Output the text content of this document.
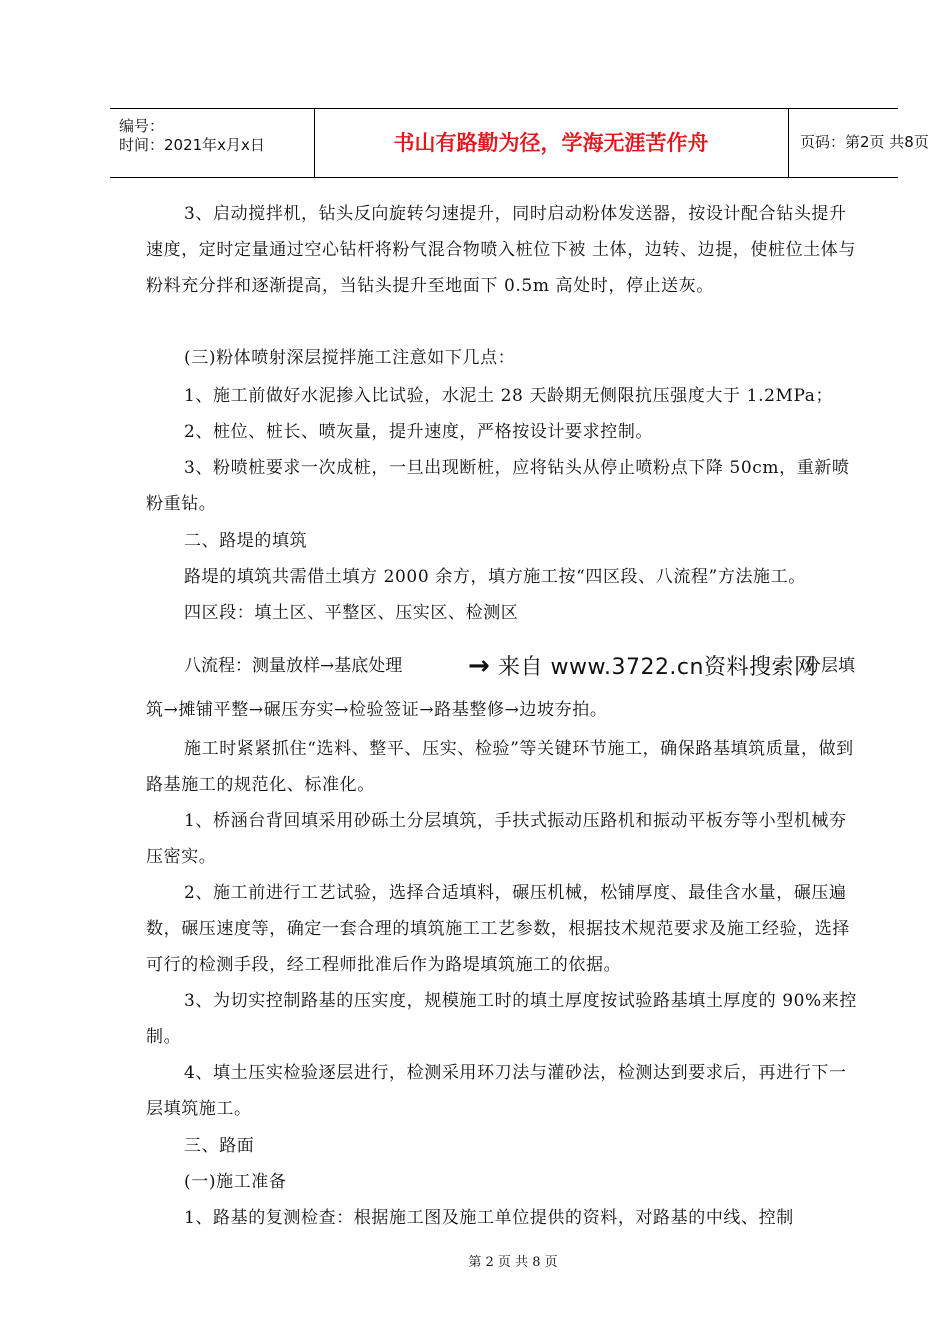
编号：
时间：2021年x月x日	书山有路勤为径，学海无涯苦作舟	页码：第2页 共8页

3、启动搅拌机，钻头反向旋转匀速提升，同时启动粉体发送器，按设计配合钻头提升速度，定时定量通过空心钻杆将粉气混合物喷入桩位下被 土体，边转、边提，使桩位土体与粉料充分拌和逐渐提高，当钻头提升至地面下 0.5m 高处时，停止送灰。

(三)粉体喷射深层搅拌施工注意如下几点：

1、施工前做好水泥掺入比试验，水泥土 28 天龄期无侧限抗压强度大于 1.2MPa；

2、桩位、桩长、喷灰量，提升速度，严格按设计要求控制。

3、粉喷桩要求一次成桩，一旦出现断桩，应将钻头从停止喷粉点下降 50cm，重新喷粉重钻。

二、路堤的填筑

路堤的填筑共需借土填方 2000 余方，填方施工按“四区段、八流程”方法施工。

四区段：填土区、平整区、压实区、检测区

八流程：测量放样→基底处理	→ 来自 www.3722.cn资料搜索网
分层填

筑→摊铺平整→碾压夯实→检验签证→路基整修→边坡夯拍。

施工时紧紧抓住“选料、整平、压实、检验”等关键环节施工，确保路基填筑质量，做到路基施工的规范化、标准化。

1、桥涵台背回填采用砂砾土分层填筑，手扶式振动压路机和振动平板夯等小型机械夯压密实。

2、施工前进行工艺试验，选择合适填料，碾压机械，松铺厚度、最佳含水量，碾压遍数，碾压速度等，确定一套合理的填筑施工工艺参数，根据技术规范要求及施工经验，选择可行的检测手段，经工程师批准后作为路堤填筑施工的依据。

3、为切实控制路基的压实度，规模施工时的填土厚度按试验路基填土厚度的 90%来控制。

4、填土压实检验逐层进行，检测采用环刀法与灌砂法，检测达到要求后，再进行下一层填筑施工。

三、路面

(一)施工准备

1、路基的复测检查：根据施工图及施工单位提供的资料，对路基的中线、控制

第 2 页 共 8 页
